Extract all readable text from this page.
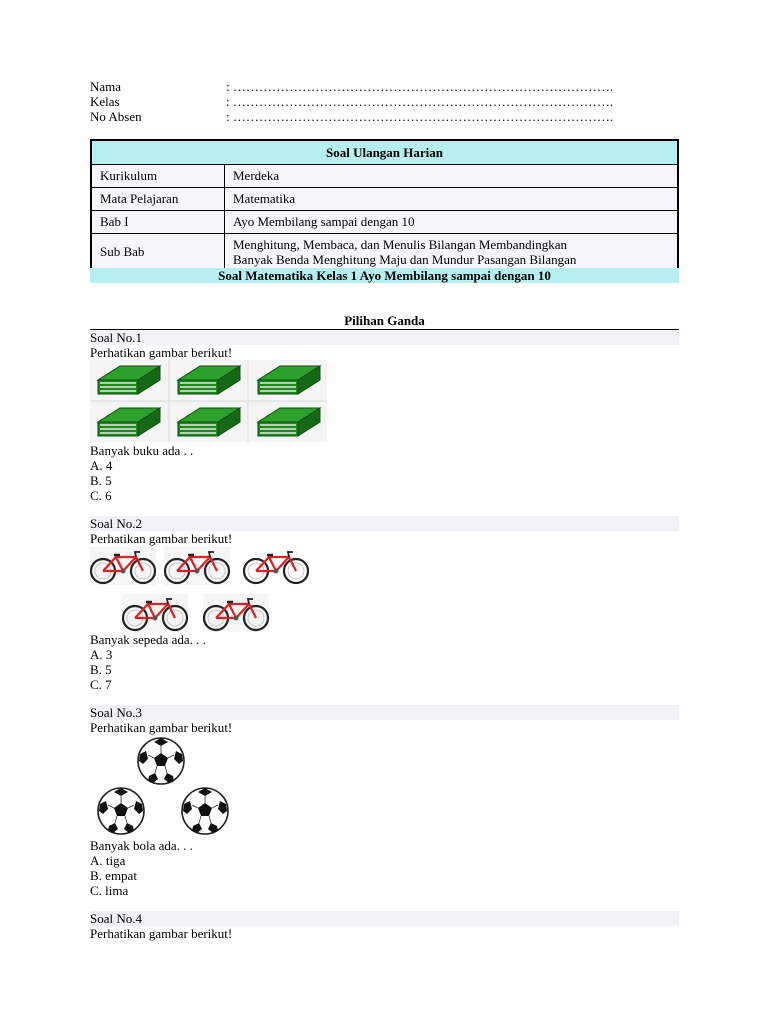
Nama	: …………………………………………………………………………….
Kelas	: …………………………………………………………………………….
No Absen	: …………………………………………………………………………….
Soal Ulangan Harian	
Kurikulum	Merdeka
Mata Pelajaran	Matematika
Bab I	Ayo Membilang sampai dengan 10
Sub Bab	Menghitung, Membaca, dan Menulis Bilangan Membandingkan
Banyak Benda Menghitung Maju dan Mundur Pasangan Bilangan
Soal Matematika Kelas 1 Ayo Membilang sampai dengan 10
Pilihan Ganda
Soal No.1
Perhatikan gambar berikut!
Banyak buku ada . .
A. 4
B. 5
C. 6
Soal No.2
Perhatikan gambar berikut!
Banyak sepeda ada. . .
A. 3
B. 5
C. 7
Soal No.3
Perhatikan gambar berikut!
Banyak bola ada. . .
A. tiga
B. empat
C. lima
Soal No.4
Perhatikan gambar berikut!
